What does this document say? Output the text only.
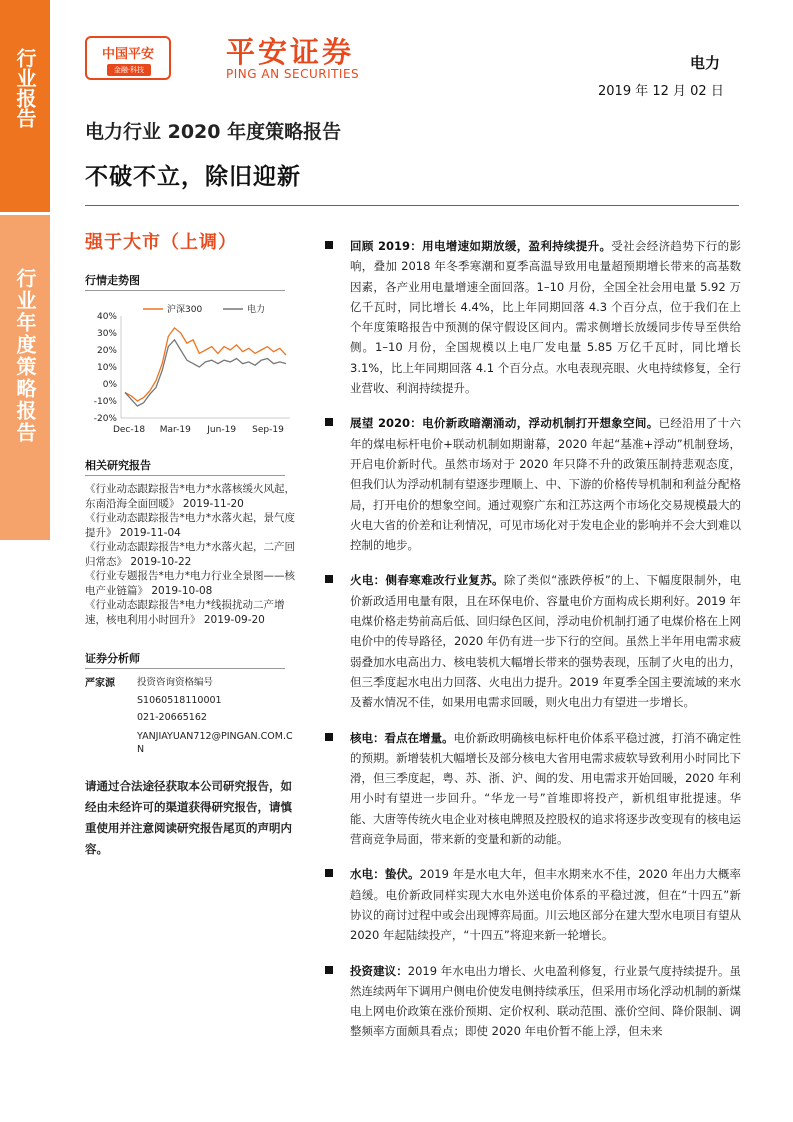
行业报告
行业年度策略报告
中国平安
金融·科技
平安证券
PING AN SECURITIES
电力
2019 年 12 月 02 日
电力行业 2020 年度策略报告
不破不立，除旧迎新
强于大市（上调）
行情走势图
40%
30%
20%
10%
0%
-10%
-20%
Dec-18 Mar-19 Jun-19 Sep-19
沪深300	电力
相关研究报告
《行业动态跟踪报告*电力*水落核缓火风起，东南沿海全面回暖》 2019-11-20
《行业动态跟踪报告*电力*水落火起，景气度提升》 2019-11-04
《行业动态跟踪报告*电力*水落火起，二产回归常态》 2019-10-22
《行业专题报告*电力*电力行业全景图——核电产业链篇》 2019-10-08
《行业动态跟踪报告*电力*线损扰动二产增速，核电利用小时回升》 2019-09-20
证券分析师
严家源 投资咨询资格编号
S1060518110001
021-20665162
YANJIAYUAN712@PINGAN.COM.CN
请通过合法途径获取本公司研究报告，如经由未经许可的渠道获得研究报告，请慎重使用并注意阅读研究报告尾页的声明内容。
回顾 2019：用电增速如期放缓，盈利持续提升。受社会经济趋势下行的影响，叠加 2018 年冬季寒潮和夏季高温导致用电量超预期增长带来的高基数因素，各产业用电量增速全面回落。1–10 月份，全国全社会用电量 5.92 万亿千瓦时，同比增长 4.4%，比上年同期回落 4.3 个百分点，位于我们在上个年度策略报告中预测的保守假设区间内。需求侧增长放缓同步传导至供给侧。1–10 月份，全国规模以上电厂发电量 5.85 万亿千瓦时，同比增长 3.1%，比上年同期回落 4.1 个百分点。水电表现亮眼、火电持续修复，全行业营收、利润持续提升。
展望 2020：电价新政暗潮涌动，浮动机制打开想象空间。已经沿用了十六年的煤电标杆电价+联动机制如期谢幕，2020 年起“基准+浮动”机制登场，开启电价新时代。虽然市场对于 2020 年只降不升的政策压制持悲观态度，但我们认为浮动机制有望逐步理顺上、中、下游的价格传导机制和利益分配格局，打开电价的想象空间。通过观察广东和江苏这两个市场化交易规模最大的火电大省的价差和让利情况，可见市场化对于发电企业的影响并不会大到难以控制的地步。
火电：侧春寒难改行业复苏。除了类似“涨跌停板”的上、下幅度限制外，电价新政适用电量有限，且在环保电价、容量电价方面构成长期利好。2019 年电煤价格走势前高后低、回归绿色区间，浮动电价机制打通了电煤价格在上网电价中的传导路径，2020 年仍有进一步下行的空间。虽然上半年用电需求疲弱叠加水电高出力、核电装机大幅增长带来的强势表现，压制了火电的出力，但三季度起水电出力回落、火电出力提升。2019 年夏季全国主要流域的来水及蓄水情况不佳，如果用电需求回暖，则火电出力有望进一步增长。
核电：看点在增量。电价新政明确核电标杆电价体系平稳过渡，打消不确定性的预期。新增装机大幅增长及部分核电大省用电需求疲软导致利用小时同比下滑，但三季度起，粤、苏、浙、沪、闽的发、用电需求开始回暖，2020 年利用小时有望进一步回升。“华龙一号”首堆即将投产，新机组审批提速。华能、大唐等传统火电企业对核电牌照及控股权的追求将逐步改变现有的核电运营商竞争局面，带来新的变量和新的动能。
水电：蛰伏。2019 年是水电大年，但丰水期来水不佳，2020 年出力大概率趋缓。电价新政同样实现大水电外送电价体系的平稳过渡，但在“十四五”新协议的商讨过程中或会出现博弈局面。川云地区部分在建大型水电项目有望从 2020 年起陆续投产，“十四五”将迎来新一轮增长。
投资建议：2019 年水电出力增长、火电盈利修复，行业景气度持续提升。虽然连续两年下调用户侧电价使发电侧持续承压，但采用市场化浮动机制的新煤电上网电价政策在涨价预期、定价权利、联动范围、涨价空间、降价限制、调整频率方面颇具看点；即使 2020 年电价暂不能上浮，但未来
